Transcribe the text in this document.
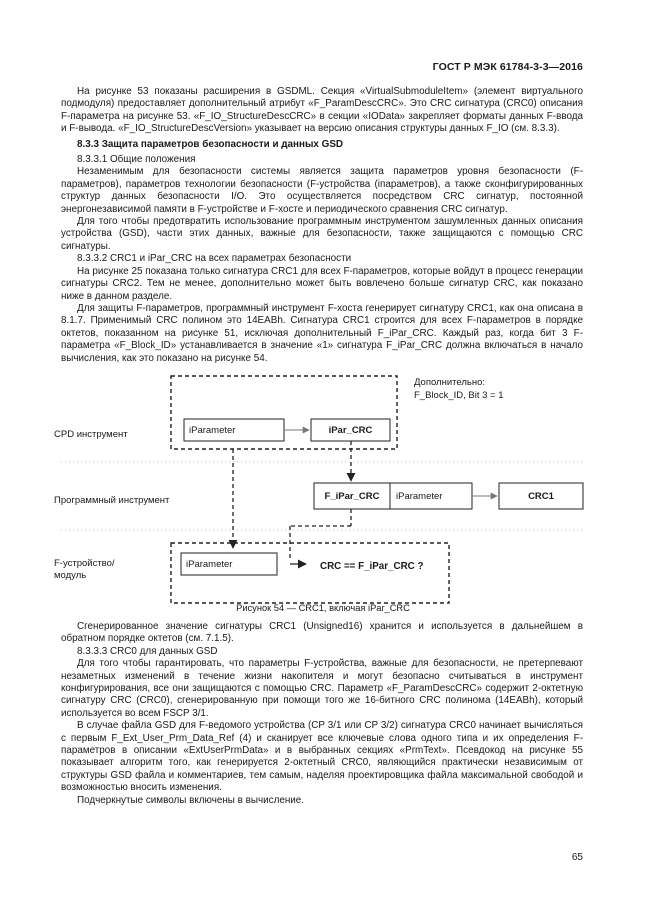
ГОСТ Р МЭК 61784-3-3—2016

На рисунке 53 показаны расширения в GSDML. Секция «VirtualSubmoduleItem» (элемент виртуального подмодуля) предоставляет дополнительный атрибут «F_ParamDescCRC». Это CRC сигнатура (CRC0) описания F-параметра на рисунке 53. «F_IO_StructureDescCRC» в секции «IOData» закрепляет форматы данных F-ввода и F-вывода. «F_IO_StructureDescVersion» указывает на версию описания структуры данных F_IO (см. 8.3.3).

8.3.3 Защита параметров безопасности и данных GSD

8.3.3.1 Общие положения

Незаменимым для безопасности системы является защита параметров уровня безопасности (F-параметров), параметров технологии безопасности (F-устройства (iпараметров), а также сконфигурированных структур данных безопасности I/O. Это осуществляется посредством CRC сигнатур, постоянной энергонезависимой памяти в F-устройстве и F-хосте и периодического сравнения CRC сигнатур.

Для того чтобы предотвратить использование программным инструментом зашумленных данных описания устройства (GSD), части этих данных, важные для безопасности, также защищаются с помощью CRC сигнатуры.

8.3.3.2 CRC1 и iPar_CRC на всех параметрах безопасности

На рисунке 25 показана только сигнатура CRC1 для всех F-параметров, которые войдут в процесс генерации сигнатуры CRC2. Тем не менее, дополнительно может быть вовлечено больше сигнатур CRC, как показано ниже в данном разделе.

Для защиты F-параметров, программный инструмент F-хоста генерирует сигнатуру CRC1, как она описана в 8.1.7. Применимый CRC полином это 14EABh. Сигнатура CRC1 строится для всех F-параметров в порядке октетов, показанном на рисунке 51, исключая дополнительный F_iPar_CRC. Каждый раз, когда бит 3 F-параметра «F_Block_ID» устанавливается в значение «1» сигнатура F_iPar_CRC должна включаться в начало вычисления, как это показано на рисунке 54.

CPD инструмент
Программный инструмент
F-устройство/
модуль
Дополнительно:
F_Block_ID, Bit 3 = 1
iParameter	iPar_CRC
F_iPar_CRC	iParameter	CRC1
iParameter	CRC == F_iPar_CRC ?
Рисунок 54 — CRC1, включая iPar_CRC

Сгенерированное значение сигнатуры CRC1 (Unsigned16) хранится и используется в дальнейшем в обратном порядке октетов (см. 7.1.5).

8.3.3.3 CRC0 для данных GSD

Для того чтобы гарантировать, что параметры F-устройства, важные для безопасности, не претерпевают незаметных изменений в течение жизни накопителя и могут безопасно считываться в инструмент конфигурирования, все они защищаются с помощью CRC. Параметр «F_ParamDescCRC» содержит 2-октетную сигнатуру CRC (CRC0), сгенерированную при помощи того же 16-битного CRC полинома (14EABh), который используется во всем FSCP 3/1.

В случае файла GSD для F-ведомого устройства (CP 3/1 или CP 3/2) сигнатура CRC0 начинает вычисляться с первым F_Ext_User_Prm_Data_Ref (4) и сканирует все ключевые слова одного типа и их определения F-параметров в описании «ExtUserPrmData» и в выбранных секциях «PrmText». Псевдокод на рисунке 55 показывает алгоритм того, как генерируется 2-октетный CRC0, являющийся практически независимым от структуры GSD файла и комментариев, тем самым, наделяя проектировщика файла максимальной свободой и возможностью вносить изменения.

Подчеркнутые символы включены в вычисление.

65
